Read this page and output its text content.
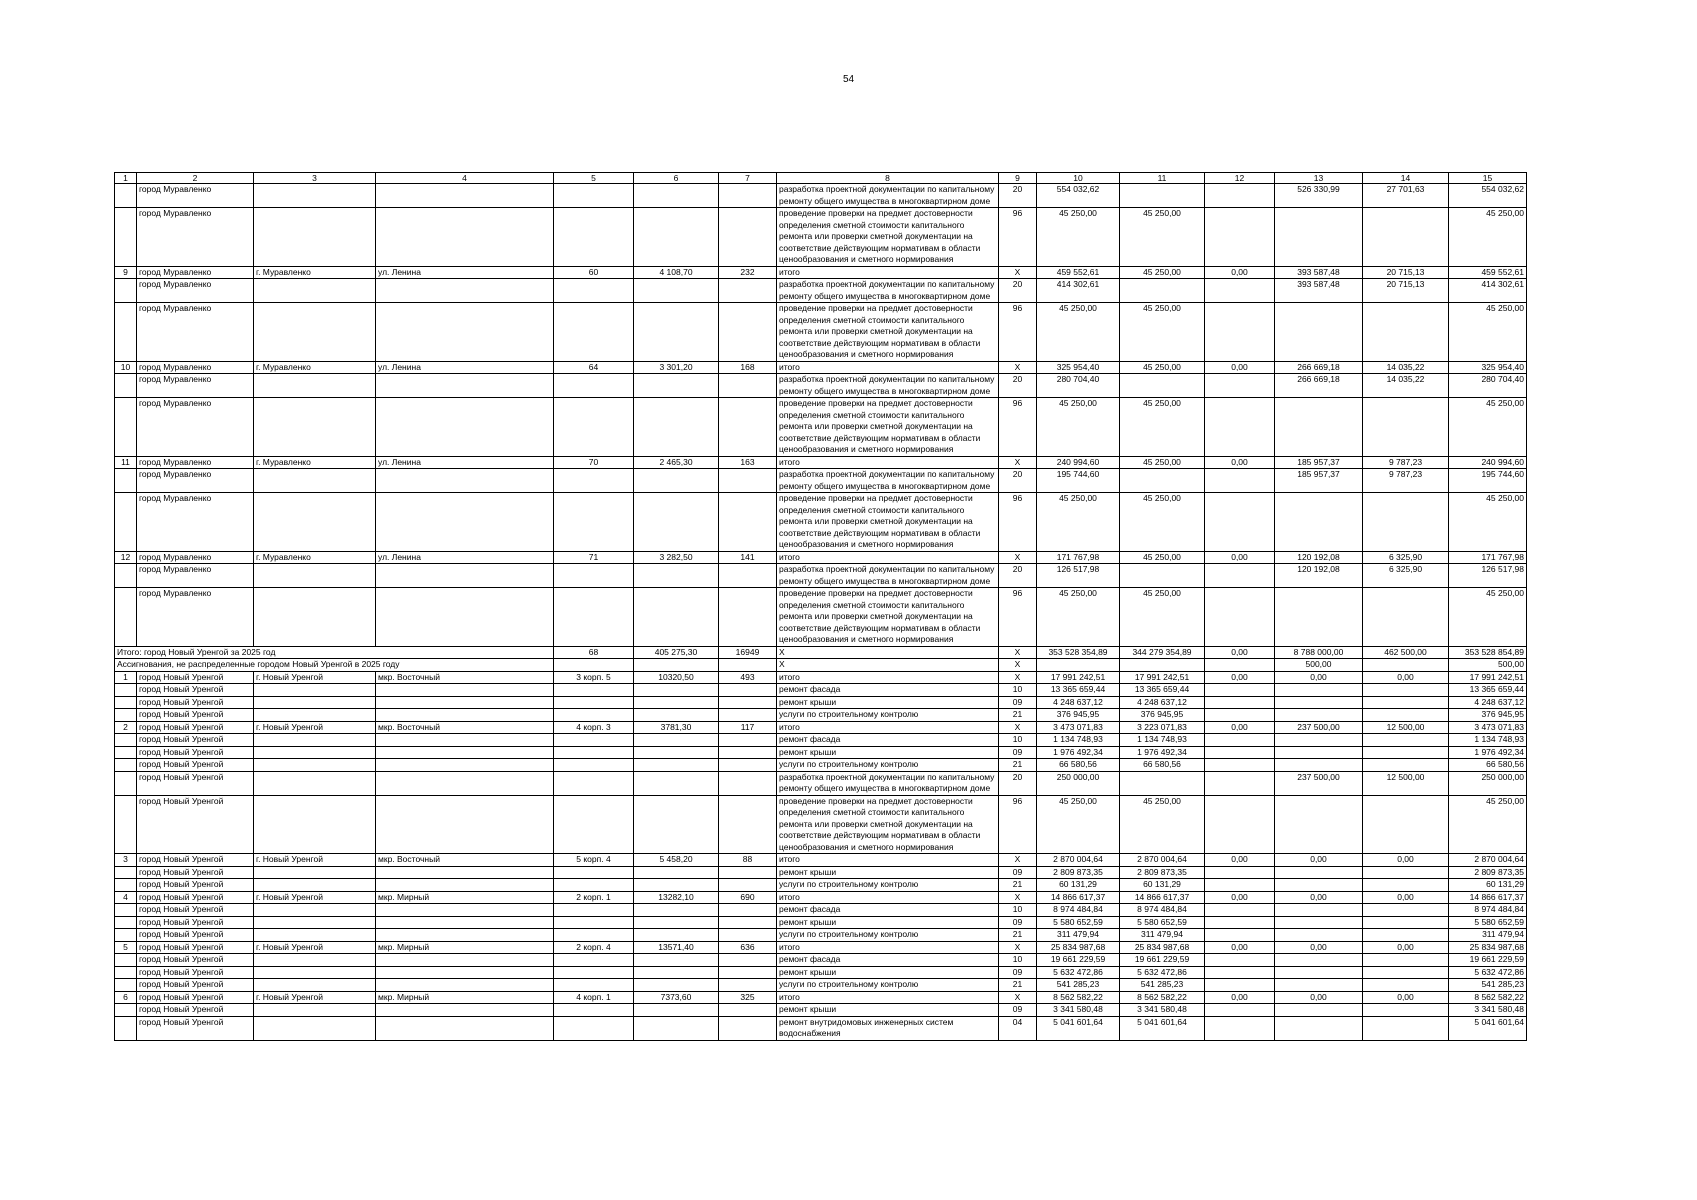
54
1	2	3	4	5	6	7	8	9	10	11	12	13	14	15
	город Муравленко						разработка проектной документации по капитальному ремонту общего имущества в многоквартирном доме	20	554 032,62			526 330,99	27 701,63	554 032,62
	город Муравленко						проведение проверки на предмет достоверности определения сметной стоимости капитального ремонта или проверки сметной документации на соответствие действующим нормативам в области ценообразования и сметного нормирования	96	45 250,00	45 250,00				45 250,00
9	город Муравленко	г. Муравленко	ул. Ленина	60	4 108,70	232	итого	X	459 552,61	45 250,00	0,00	393 587,48	20 715,13	459 552,61
	город Муравленко						разработка проектной документации по капитальному ремонту общего имущества в многоквартирном доме	20	414 302,61			393 587,48	20 715,13	414 302,61
	город Муравленко						проведение проверки на предмет достоверности определения сметной стоимости капитального ремонта или проверки сметной документации на соответствие действующим нормативам в области ценообразования и сметного нормирования	96	45 250,00	45 250,00				45 250,00
10	город Муравленко	г. Муравленко	ул. Ленина	64	3 301,20	168	итого	X	325 954,40	45 250,00	0,00	266 669,18	14 035,22	325 954,40
	город Муравленко						разработка проектной документации по капитальному ремонту общего имущества в многоквартирном доме	20	280 704,40			266 669,18	14 035,22	280 704,40
	город Муравленко						проведение проверки на предмет достоверности определения сметной стоимости капитального ремонта или проверки сметной документации на соответствие действующим нормативам в области ценообразования и сметного нормирования	96	45 250,00	45 250,00				45 250,00
11	город Муравленко	г. Муравленко	ул. Ленина	70	2 465,30	163	итого	X	240 994,60	45 250,00	0,00	185 957,37	9 787,23	240 994,60
	город Муравленко						разработка проектной документации по капитальному ремонту общего имущества в многоквартирном доме	20	195 744,60			185 957,37	9 787,23	195 744,60
	город Муравленко						проведение проверки на предмет достоверности определения сметной стоимости капитального ремонта или проверки сметной документации на соответствие действующим нормативам в области ценообразования и сметного нормирования	96	45 250,00	45 250,00				45 250,00
12	город Муравленко	г. Муравленко	ул. Ленина	71	3 282,50	141	итого	X	171 767,98	45 250,00	0,00	120 192,08	6 325,90	171 767,98
	город Муравленко						разработка проектной документации по капитальному ремонту общего имущества в многоквартирном доме	20	126 517,98			120 192,08	6 325,90	126 517,98
	город Муравленко						проведение проверки на предмет достоверности определения сметной стоимости капитального ремонта или проверки сметной документации на соответствие действующим нормативам в области ценообразования и сметного нормирования	96	45 250,00	45 250,00				45 250,00
Итого: город Новый Уренгой за 2025 год				68	405 275,30	16949	X	X	353 528 354,89	344 279 354,89	0,00	8 788 000,00	462 500,00	353 528 854,89
Ассигнования, не распределенные городом Новый Уренгой в 2025 году							X	X				500,00		500,00
1	город Новый Уренгой	г. Новый Уренгой	мкр. Восточный	3 корп. 5	10320,50	493	итого	X	17 991 242,51	17 991 242,51	0,00	0,00	0,00	17 991 242,51
	город Новый Уренгой						ремонт фасада	10	13 365 659,44	13 365 659,44				13 365 659,44
	город Новый Уренгой						ремонт крыши	09	4 248 637,12	4 248 637,12				4 248 637,12
	город Новый Уренгой						услуги по строительному контролю	21	376 945,95	376 945,95				376 945,95
2	город Новый Уренгой	г. Новый Уренгой	мкр. Восточный	4 корп. 3	3781,30	117	итого	X	3 473 071,83	3 223 071,83	0,00	237 500,00	12 500,00	3 473 071,83
	город Новый Уренгой						ремонт фасада	10	1 134 748,93	1 134 748,93				1 134 748,93
	город Новый Уренгой						ремонт крыши	09	1 976 492,34	1 976 492,34				1 976 492,34
	город Новый Уренгой						услуги по строительному контролю	21	66 580,56	66 580,56				66 580,56
	город Новый Уренгой						разработка проектной документации по капитальному ремонту общего имущества в многоквартирном доме	20	250 000,00			237 500,00	12 500,00	250 000,00
	город Новый Уренгой						проведение проверки на предмет достоверности определения сметной стоимости капитального ремонта или проверки сметной документации на соответствие действующим нормативам в области ценообразования и сметного нормирования	96	45 250,00	45 250,00				45 250,00
3	город Новый Уренгой	г. Новый Уренгой	мкр. Восточный	5 корп. 4	5 458,20	88	итого	X	2 870 004,64	2 870 004,64	0,00	0,00	0,00	2 870 004,64
	город Новый Уренгой						ремонт крыши	09	2 809 873,35	2 809 873,35				2 809 873,35
	город Новый Уренгой						услуги по строительному контролю	21	60 131,29	60 131,29				60 131,29
4	город Новый Уренгой	г. Новый Уренгой	мкр. Мирный	2 корп. 1	13282,10	690	итого	X	14 866 617,37	14 866 617,37	0,00	0,00	0,00	14 866 617,37
	город Новый Уренгой						ремонт фасада	10	8 974 484,84	8 974 484,84				8 974 484,84
	город Новый Уренгой						ремонт крыши	09	5 580 652,59	5 580 652,59				5 580 652,59
	город Новый Уренгой						услуги по строительному контролю	21	311 479,94	311 479,94				311 479,94
5	город Новый Уренгой	г. Новый Уренгой	мкр. Мирный	2 корп. 4	13571,40	636	итого	X	25 834 987,68	25 834 987,68	0,00	0,00	0,00	25 834 987,68
	город Новый Уренгой						ремонт фасада	10	19 661 229,59	19 661 229,59				19 661 229,59
	город Новый Уренгой						ремонт крыши	09	5 632 472,86	5 632 472,86				5 632 472,86
	город Новый Уренгой						услуги по строительному контролю	21	541 285,23	541 285,23				541 285,23
6	город Новый Уренгой	г. Новый Уренгой	мкр. Мирный	4 корп. 1	7373,60	325	итого	X	8 562 582,22	8 562 582,22	0,00	0,00	0,00	8 562 582,22
	город Новый Уренгой						ремонт крыши	09	3 341 580,48	3 341 580,48				3 341 580,48
	город Новый Уренгой						ремонт внутридомовых инженерных систем водоснабжения	04	5 041 601,64	5 041 601,64				5 041 601,64
